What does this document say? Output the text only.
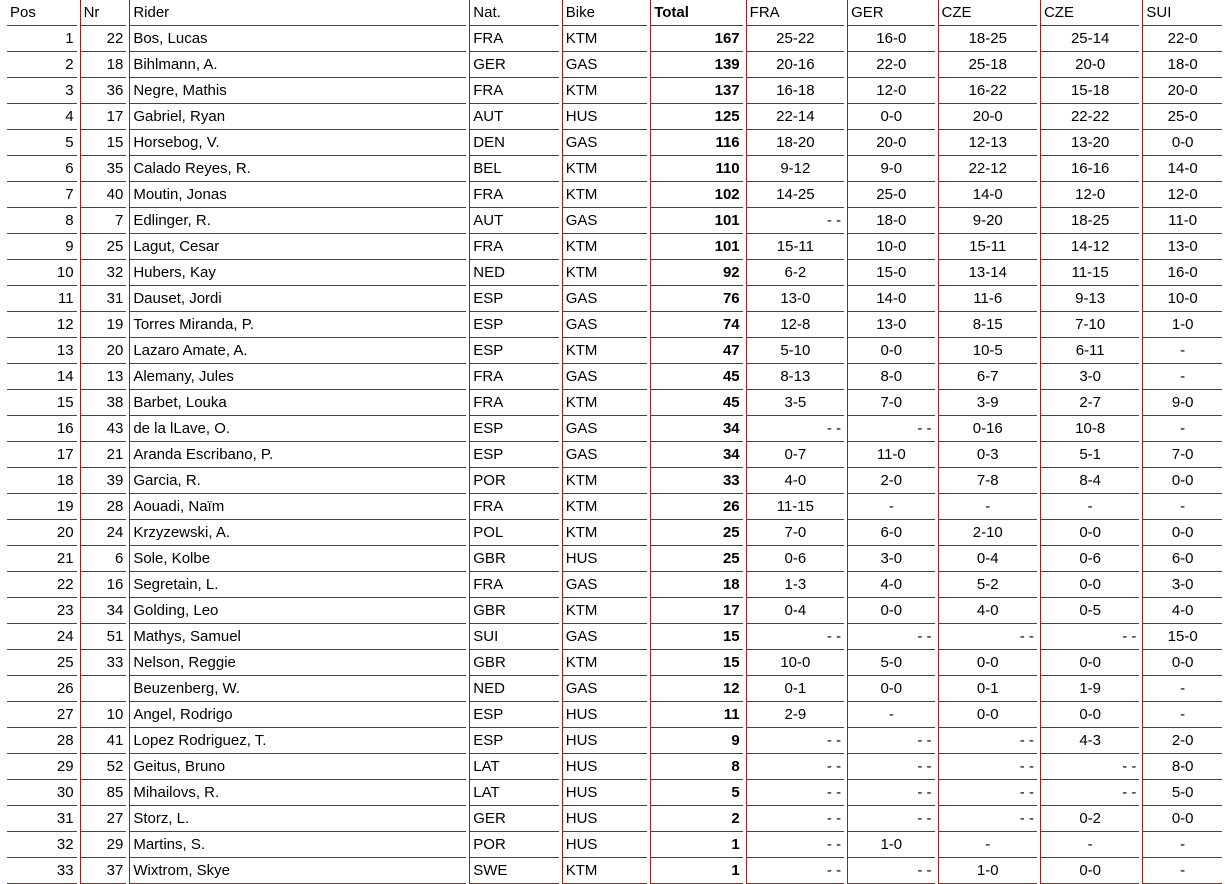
Pos	Nr	Rider	Nat.	Bike	Total	FRA	GER	CZE	CZE	SUI
1	22	Bos, Lucas	FRA	KTM	167	25-22	16-0	18-25	25-14	22-0
2	18	Bihlmann, A.	GER	GAS	139	20-16	22-0	25-18	20-0	18-0
3	36	Negre, Mathis	FRA	KTM	137	16-18	12-0	16-22	15-18	20-0
4	17	Gabriel, Ryan	AUT	HUS	125	22-14	0-0	20-0	22-22	25-0
5	15	Horsebog, V.	DEN	GAS	116	18-20	20-0	12-13	13-20	0-0
6	35	Calado Reyes, R.	BEL	KTM	110	9-12	9-0	22-12	16-16	14-0
7	40	Moutin, Jonas	FRA	KTM	102	14-25	25-0	14-0	12-0	12-0
8	7	Edlinger, R.	AUT	GAS	101	- -	18-0	9-20	18-25	11-0
9	25	Lagut, Cesar	FRA	KTM	101	15-11	10-0	15-11	14-12	13-0
10	32	Hubers, Kay	NED	KTM	92	6-2	15-0	13-14	11-15	16-0
11	31	Dauset, Jordi	ESP	GAS	76	13-0	14-0	11-6	9-13	10-0
12	19	Torres Miranda, P.	ESP	GAS	74	12-8	13-0	8-15	7-10	1-0
13	20	Lazaro Amate, A.	ESP	KTM	47	5-10	0-0	10-5	6-11	-
14	13	Alemany, Jules	FRA	GAS	45	8-13	8-0	6-7	3-0	-
15	38	Barbet, Louka	FRA	KTM	45	3-5	7-0	3-9	2-7	9-0
16	43	de la lLave, O.	ESP	GAS	34	- -	- -	0-16	10-8	-
17	21	Aranda Escribano, P.	ESP	GAS	34	0-7	11-0	0-3	5-1	7-0
18	39	Garcia, R.	POR	KTM	33	4-0	2-0	7-8	8-4	0-0
19	28	Aouadi, Naïm	FRA	KTM	26	11-15	-	-	-	-
20	24	Krzyzewski, A.	POL	KTM	25	7-0	6-0	2-10	0-0	0-0
21	6	Sole, Kolbe	GBR	HUS	25	0-6	3-0	0-4	0-6	6-0
22	16	Segretain, L.	FRA	GAS	18	1-3	4-0	5-2	0-0	3-0
23	34	Golding, Leo	GBR	KTM	17	0-4	0-0	4-0	0-5	4-0
24	51	Mathys, Samuel	SUI	GAS	15	- -	- -	- -	- -	15-0
25	33	Nelson, Reggie	GBR	KTM	15	10-0	5-0	0-0	0-0	0-0
26		Beuzenberg, W.	NED	GAS	12	0-1	0-0	0-1	1-9	-
27	10	Angel, Rodrigo	ESP	HUS	11	2-9	-	0-0	0-0	-
28	41	Lopez Rodriguez, T.	ESP	HUS	9	- -	- -	- -	4-3	2-0
29	52	Geitus, Bruno	LAT	HUS	8	- -	- -	- -	- -	8-0
30	85	Mihailovs, R.	LAT	HUS	5	- -	- -	- -	- -	5-0
31	27	Storz, L.	GER	HUS	2	- -	- -	- -	0-2	0-0
32	29	Martins, S.	POR	HUS	1	- -	1-0	-	-	-
33	37	Wixtrom, Skye	SWE	KTM	1	- -	- -	1-0	0-0	-
